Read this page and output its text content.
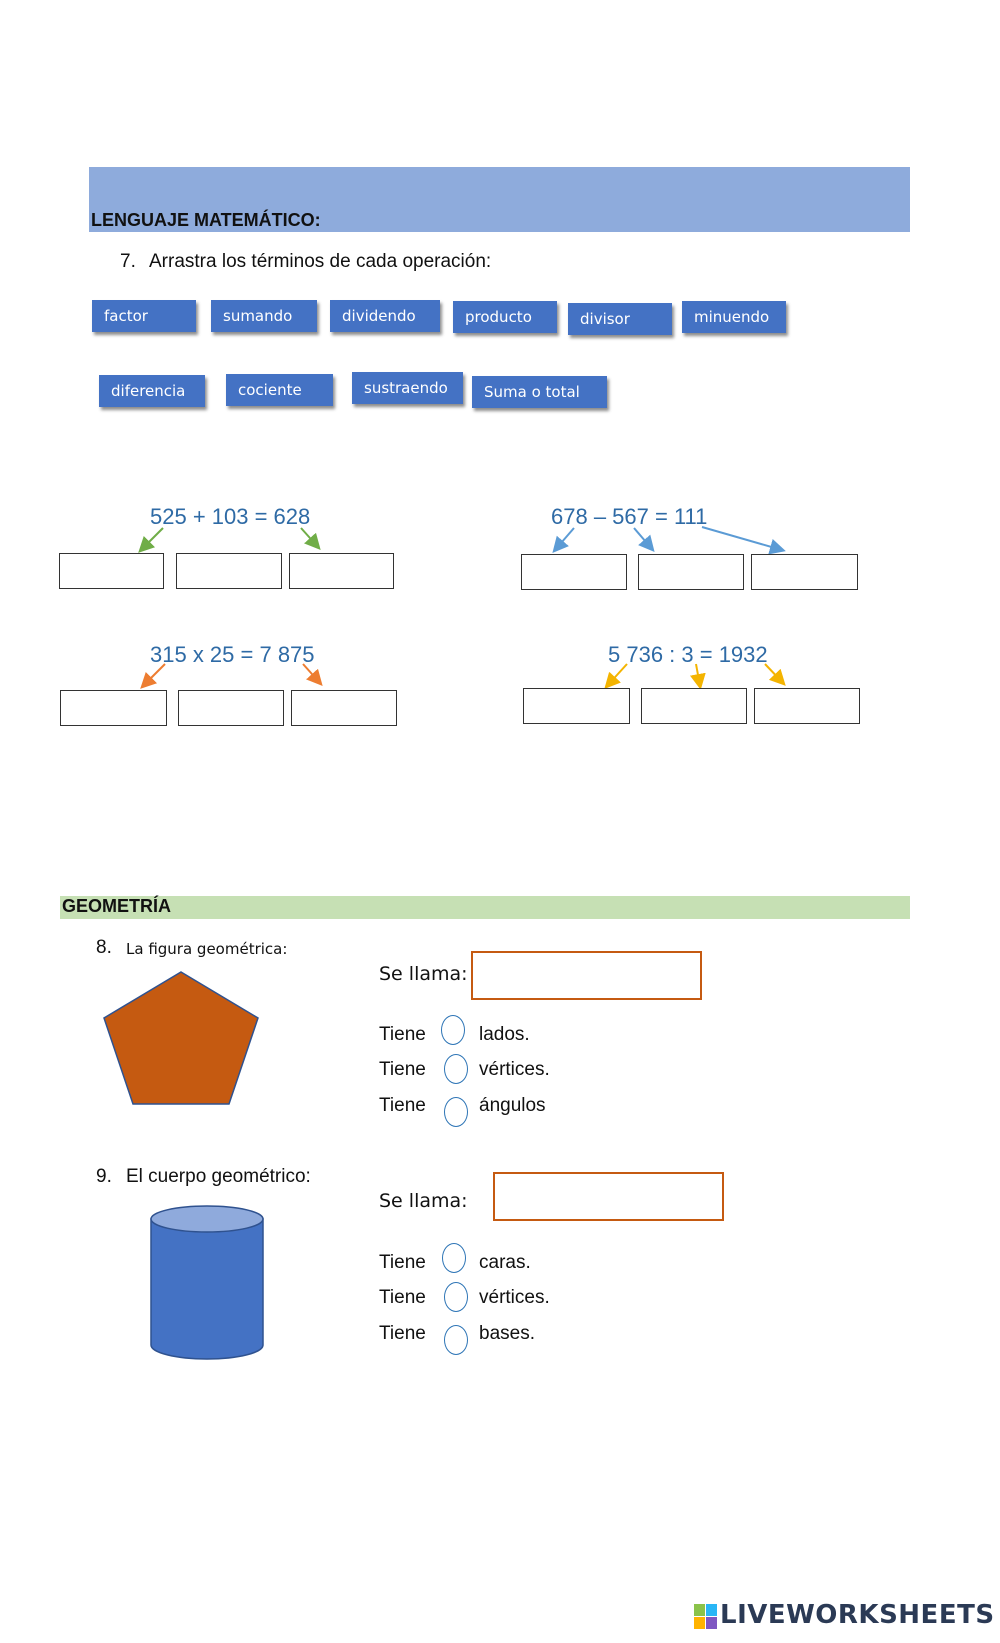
LENGUAJE MATEMÁTICO:
7. Arrastra los términos de cada operación:
factor	sumando	dividendo	producto	divisor	minuendo
diferencia	cociente	sustraendo	Suma o total
525 + 103 = 628	678 – 567 = 111
315 x 25 = 7 875	5 736 : 3 = 1932
GEOMETRÍA
8. La figura geométrica:
Se llama:
Tiene	lados.
Tiene	vértices.
Tiene	ángulos
9. El cuerpo geométrico:
Se llama:
Tiene	caras.
Tiene	vértices.
Tiene	bases.
LIVEWORKSHEETS
